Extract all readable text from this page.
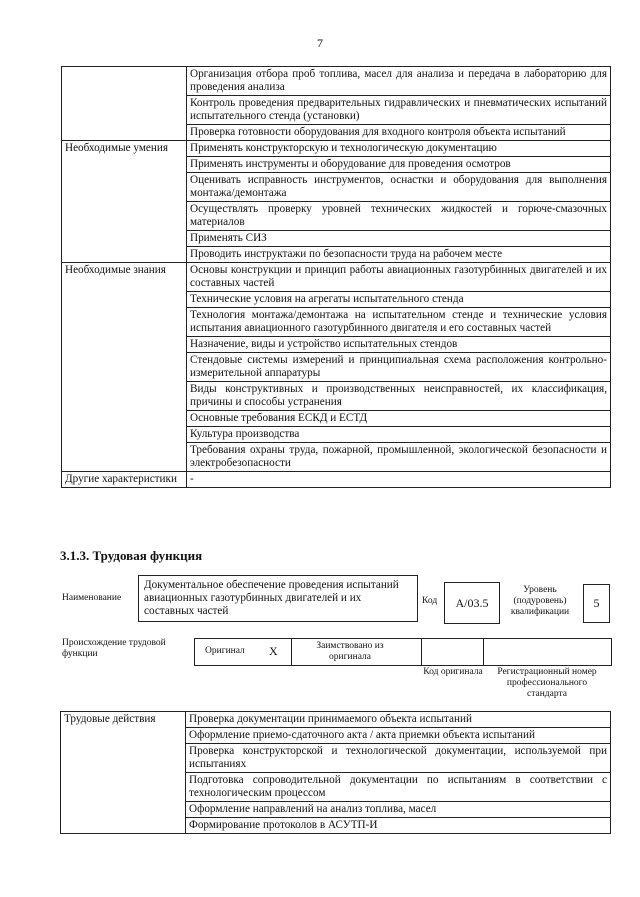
7
	Организация отбора проб топлива, масел для анализа и передача в лабораторию для проведения анализа
	Контроль проведения предварительных гидравлических и пневматических испытаний испытательного стенда (установки)
	Проверка готовности оборудования для входного контроля объекта испытаний
Необходимые умения	Применять конструкторскую и технологическую документацию
	Применять инструменты и оборудование для проведения осмотров
	Оценивать исправность инструментов, оснастки и оборудования для выполнения монтажа/демонтажа
	Осуществлять проверку уровней технических жидкостей и горюче-смазочных материалов
	Применять СИЗ
	Проводить инструктажи по безопасности труда на рабочем месте
Необходимые знания	Основы конструкции и принцип работы авиационных газотурбинных двигателей и их составных частей
	Технические условия на агрегаты испытательного стенда
	Технология монтажа/демонтажа на испытательном стенде и технические условия испытания авиационного газотурбинного двигателя и его составных частей
	Назначение, виды и устройство испытательных стендов
	Стендовые системы измерений и принципиальная схема расположения контрольно-измерительной аппаратуры
	Виды конструктивных и производственных неисправностей, их классификация, причины и способы устранения
	Основные требования ЕСКД и ЕСТД
	Культура производства
	Требования охраны труда, пожарной, промышленной, экологической безопасности и электробезопасности
Другие характеристики	-
3.1.3. Трудовая функция
Наименование
Документальное обеспечение проведения испытаний авиационных газотурбинных двигателей и их составных частей
Код	A/03.5
Уровень (подуровень) квалификации
5
Происхождение трудовой функции	Оригинал X	Заимствовано из оригинала
Код оригинала	Регистрационный номер профессионального стандарта
Трудовые действия	Проверка документации принимаемого объекта испытаний
	Оформление приемо-сдаточного акта / акта приемки объекта испытаний
	Проверка конструкторской и технологической документации, используемой при испытаниях
	Подготовка сопроводительной документации по испытаниям в соответствии с технологическим процессом
	Оформление направлений на анализ топлива, масел
	Формирование протоколов в АСУТП-И
